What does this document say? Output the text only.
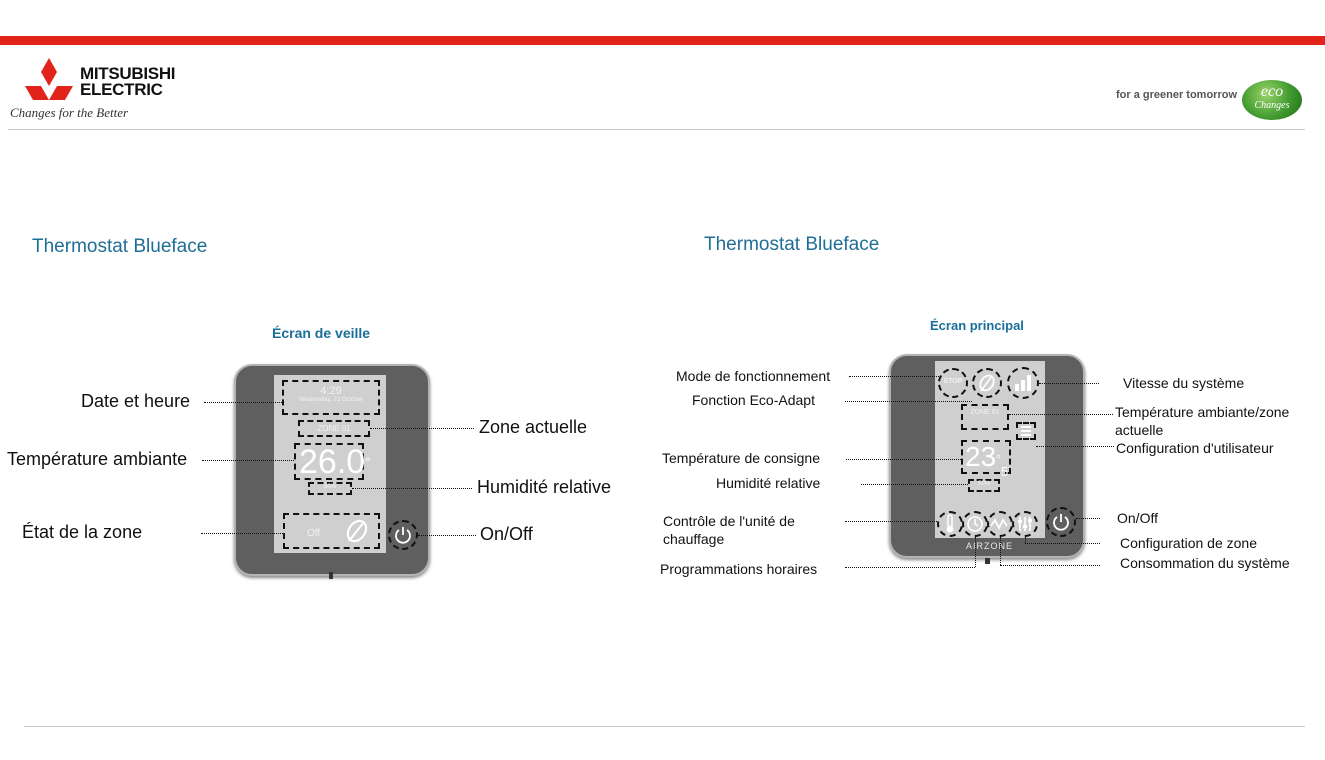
MITSUBISHI
ELECTRIC
Changes for the Better
for a greener tomorrow	eco
Changes
Thermostat Blueface
Écran de veille
4:29
Wednesday, 23 October
ZONE 01
26.0°
50%
Off
Date et heure
Température ambiante
État de la zone
Zone actuelle
Humidité relative
On/Off
Thermostat Blueface
Écran principal
STOP
ZONE 01
23 °
5
50%
AIRZONE
Mode de fonctionnement
Fonction Eco-Adapt
Température de consigne
Humidité relative
Contrôle de l'unité de
chauffage
Programmations horaires
Vitesse du système
Température ambiante/zone
actuelle
Configuration d'utilisateur
On/Off
Configuration de zone
Consommation du système
